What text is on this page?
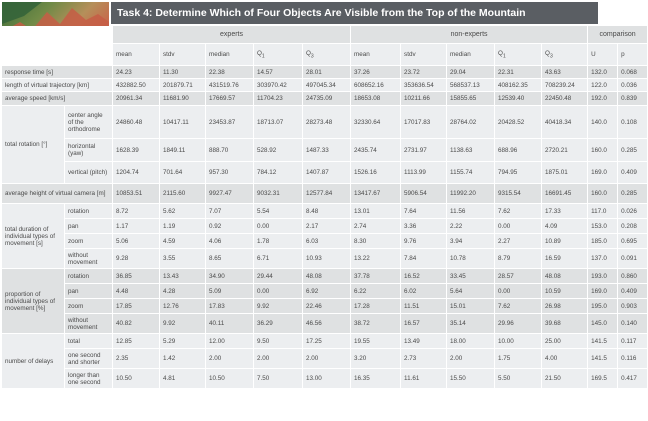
Task 4: Determine Which of Four Objects Are Visible from the Top of the Mountain
		experts					non-experts					comparison	
		mean	stdv	median	$Q_1$	$Q_3$	mean	stdv	median	$Q_1$	$Q_3$	U	p
response time [s]		24.23	11.30	22.38	14.57	28.01	37.26	23.72	29.04	22.31	43.63	132.0	0.068
length of virtual trajectory [km]		432882.50	201879.71	431519.76	303970.42	497045.34	608652.16	353636.54	568537.13	408162.35	708239.24	122.0	0.036
average speed [km/s]		20961.34	11681.90	17669.57	11704.23	24735.09	18653.08	10211.66	15855.65	12539.40	22450.48	192.0	0.839
total rotation [°]	center angle of the orthodrome	24860.48	10417.11	23453.87	18713.07	28273.48	32330.64	17017.83	28764.02	20428.52	40418.34	140.0	0.108
	horizontal (yaw)	1628.39	1849.11	888.70	528.92	1487.33	2435.74	2731.97	1138.63	688.96	2720.21	160.0	0.285
	vertical (pitch)	1204.74	701.64	957.30	784.12	1407.87	1526.16	1113.99	1155.74	794.95	1875.01	169.0	0.409
average height of virtual camera [m]		10853.51	2115.60	9927.47	9032.31	12577.84	13417.67	5906.54	11992.20	9315.54	16691.45	160.0	0.285
total duration of individual types of movement [s]	rotation	8.72	5.62	7.07	5.54	8.48	13.01	7.64	11.56	7.62	17.33	117.0	0.026
	pan	1.17	1.19	0.92	0.00	2.17	2.74	3.36	2.22	0.00	4.09	153.0	0.208
	zoom	5.06	4.59	4.06	1.78	6.03	8.30	9.76	3.94	2.27	10.89	185.0	0.695
	without movement	9.28	3.55	8.65	6.71	10.93	13.22	7.84	10.78	8.79	16.59	137.0	0.091
proportion of individual types of movement [%]	rotation	36.85	13.43	34.90	29.44	48.08	37.78	16.52	33.45	28.57	48.08	193.0	0.860
	pan	4.48	4.28	5.09	0.00	6.92	6.22	6.02	5.64	0.00	10.59	169.0	0.409
	zoom	17.85	12.76	17.83	9.92	22.46	17.28	11.51	15.01	7.62	26.98	195.0	0.903
	without movement	40.82	9.92	40.11	36.29	46.56	38.72	16.57	35.14	29.96	39.68	145.0	0.140
number of delays	total	12.85	5.29	12.00	9.50	17.25	19.55	13.49	18.00	10.00	25.00	141.5	0.117
	one second and shorter	2.35	1.42	2.00	2.00	2.00	3.20	2.73	2.00	1.75	4.00	141.5	0.116
	longer than one second	10.50	4.81	10.50	7.50	13.00	16.35	11.61	15.50	5.50	21.50	169.5	0.417
